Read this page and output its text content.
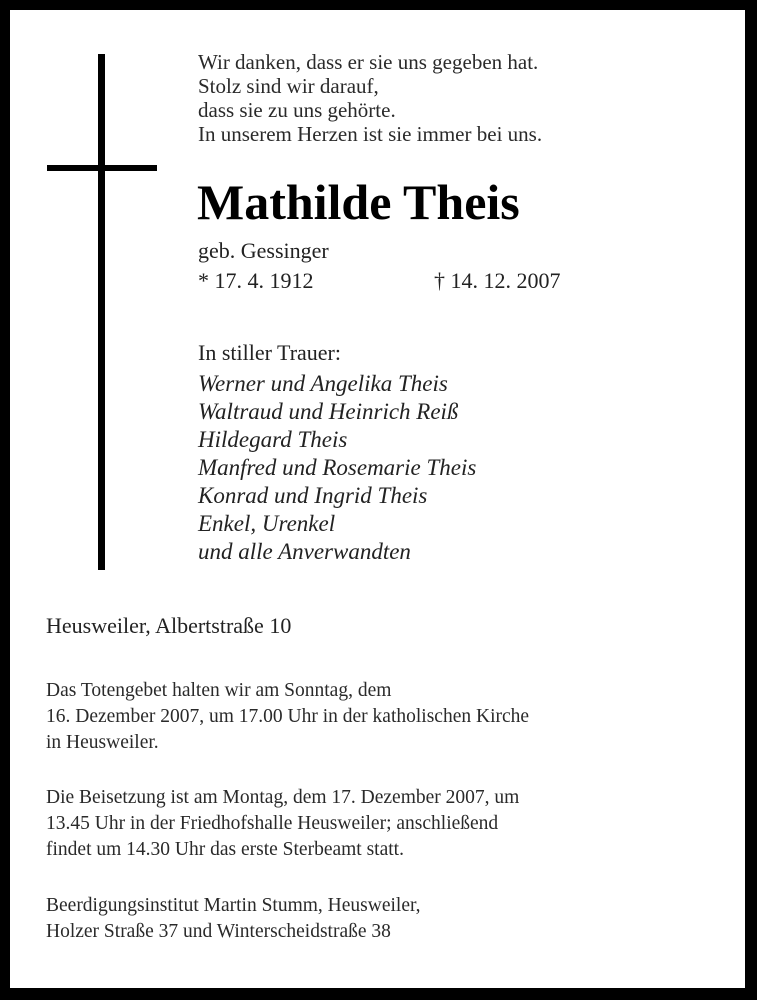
Wir danken, dass er sie uns gegeben hat.
Stolz sind wir darauf,
dass sie zu uns gehörte.
In unserem Herzen ist sie immer bei uns.
Mathilde Theis
geb. Gessinger
* 17. 4. 1912	† 14. 12. 2007
In stiller Trauer:
Werner und Angelika Theis
Waltraud und Heinrich Reiß
Hildegard Theis
Manfred und Rosemarie Theis
Konrad und Ingrid Theis
Enkel, Urenkel
und alle Anverwandten
Heusweiler, Albertstraße 10
Das Totengebet halten wir am Sonntag, dem
16. Dezember 2007, um 17.00 Uhr in der katholischen Kirche
in Heusweiler.
Die Beisetzung ist am Montag, dem 17. Dezember 2007, um
13.45 Uhr in der Friedhofshalle Heusweiler; anschließend
findet um 14.30 Uhr das erste Sterbeamt statt.
Beerdigungsinstitut Martin Stumm, Heusweiler,
Holzer Straße 37 und Winterscheidstraße 38
